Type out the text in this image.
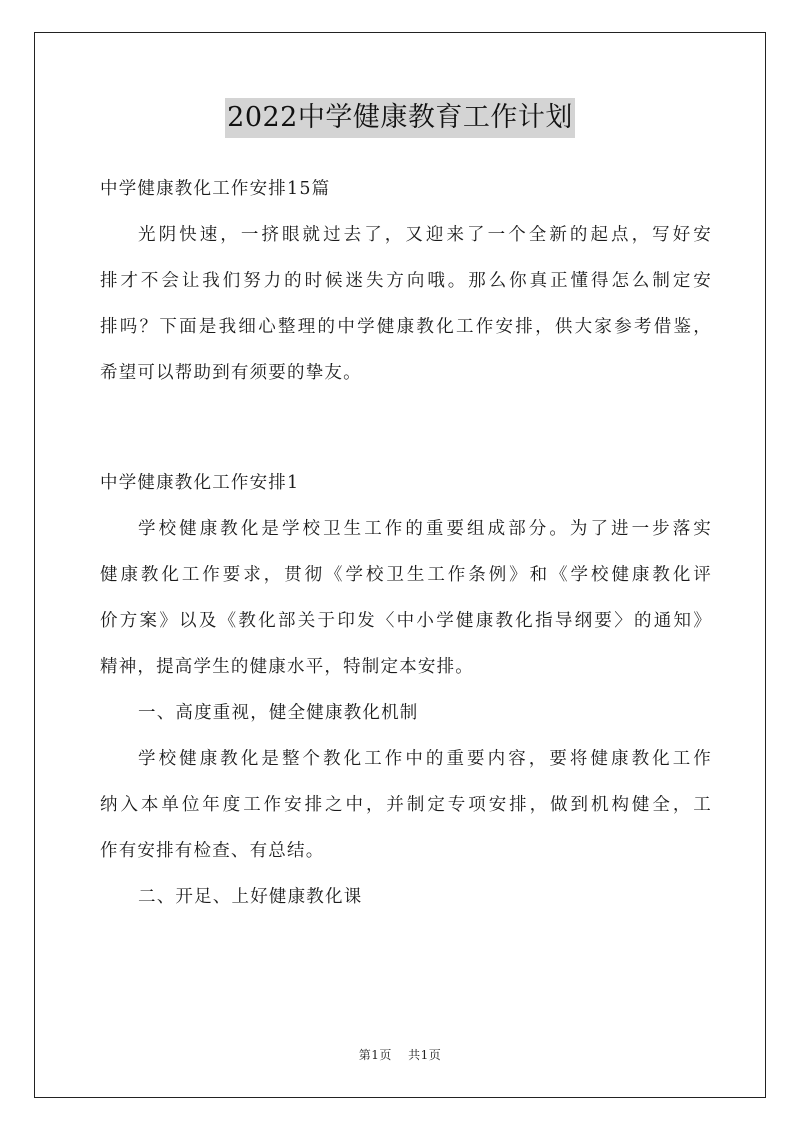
2022中学健康教育工作计划
中学健康教化工作安排15篇
光阴快速，一挤眼就过去了，又迎来了一个全新的起点，写好安
排才不会让我们努力的时候迷失方向哦。那么你真正懂得怎么制定安
排吗？下面是我细心整理的中学健康教化工作安排，供大家参考借鉴，
希望可以帮助到有须要的挚友。
中学健康教化工作安排1
学校健康教化是学校卫生工作的重要组成部分。为了进一步落实
健康教化工作要求，贯彻《学校卫生工作条例》和《学校健康教化评
价方案》以及《教化部关于印发〈中小学健康教化指导纲要〉的通知》
精神，提高学生的健康水平，特制定本安排。
一、高度重视，健全健康教化机制
学校健康教化是整个教化工作中的重要内容，要将健康教化工作
纳入本单位年度工作安排之中，并制定专项安排，做到机构健全，工
作有安排有检查、有总结。
二、开足、上好健康教化课
第1页 共1页
